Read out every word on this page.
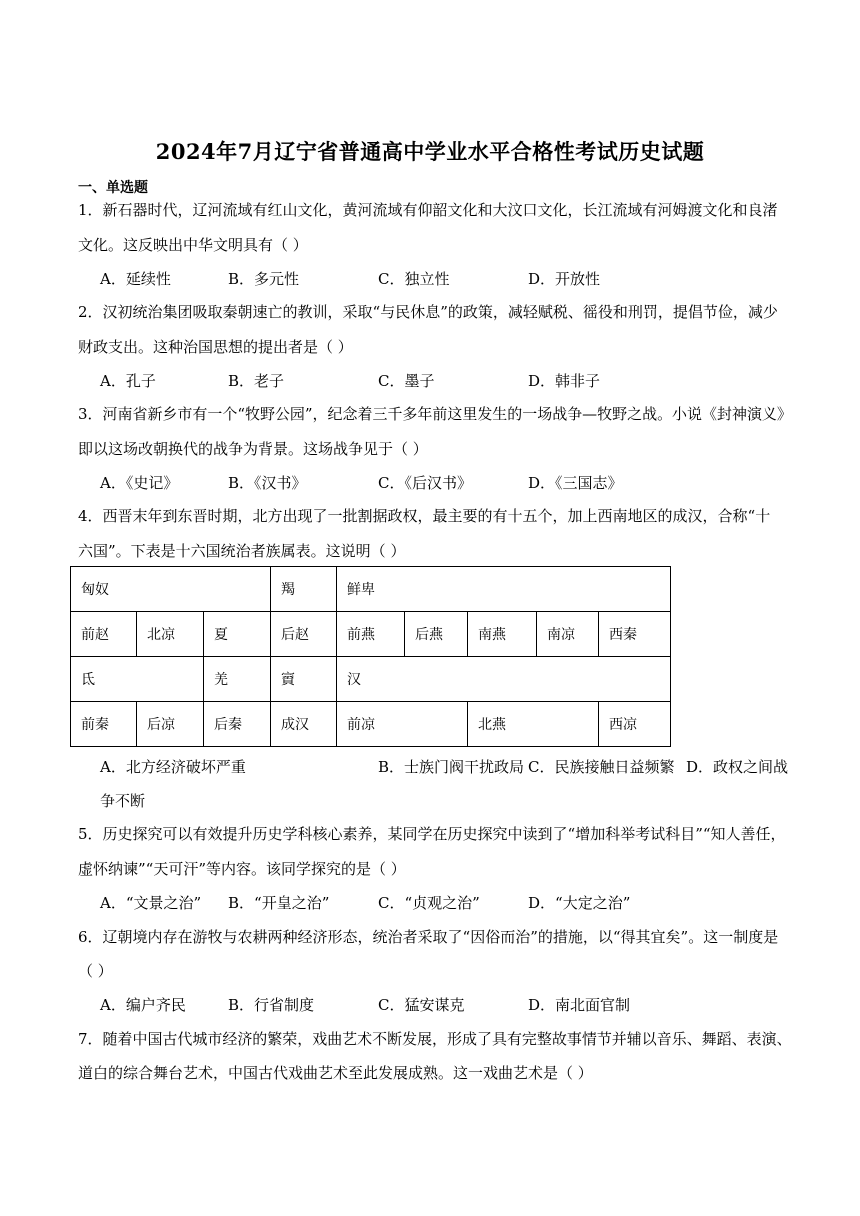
2024年7月辽宁省普通高中学业水平合格性考试历史试题
一、单选题
1．新石器时代，辽河流域有红山文化，黄河流域有仰韶文化和大汶口文化，长江流域有河姆渡文化和良渚
文化。这反映出中华文明具有（ ）
A．延续性	B．多元性	C．独立性	D．开放性
2．汉初统治集团吸取秦朝速亡的教训，采取“与民休息”的政策，减轻赋税、徭役和刑罚，提倡节俭，减少
财政支出。这种治国思想的提出者是（ ）
A．孔子	B．老子	C．墨子	D．韩非子
3．河南省新乡市有一个“牧野公园”，纪念着三千多年前这里发生的一场战争—牧野之战。小说《封神演义》
即以这场改朝换代的战争为背景。这场战争见于（ ）
A．《史记》	B．《汉书》	C．《后汉书》	D．《三国志》
4．西晋末年到东晋时期，北方出现了一批割据政权，最主要的有十五个，加上西南地区的成汉，合称“十
六国”。下表是十六国统治者族属表。这说明（ ）
匈奴			羯	鲜卑				
前赵	北凉	夏	后赵	前燕	后燕	南燕	南凉	西秦
氐		羌	賨	汉				
前秦	后凉	后秦	成汉	前凉		北燕		西凉
A．北方经济破坏严重	B．士族门阀干扰政局 C．民族接触日益频繁 D．政权之间战
争不断
5．历史探究可以有效提升历史学科核心素养，某同学在历史探究中读到了“增加科举考试科目”“知人善任，
虚怀纳谏”“天可汗”等内容。该同学探究的是（ ）
A．“文景之治” B．“开皇之治”	C．“贞观之治”	D．“大定之治”
6．辽朝境内存在游牧与农耕两种经济形态，统治者采取了“因俗而治”的措施，以“得其宜矣”。这一制度是
（ ）
A．编户齐民	B．行省制度	C．猛安谋克	D．南北面官制
7．随着中国古代城市经济的繁荣，戏曲艺术不断发展，形成了具有完整故事情节并辅以音乐、舞蹈、表演、
道白的综合舞台艺术，中国古代戏曲艺术至此发展成熟。这一戏曲艺术是（ ）
